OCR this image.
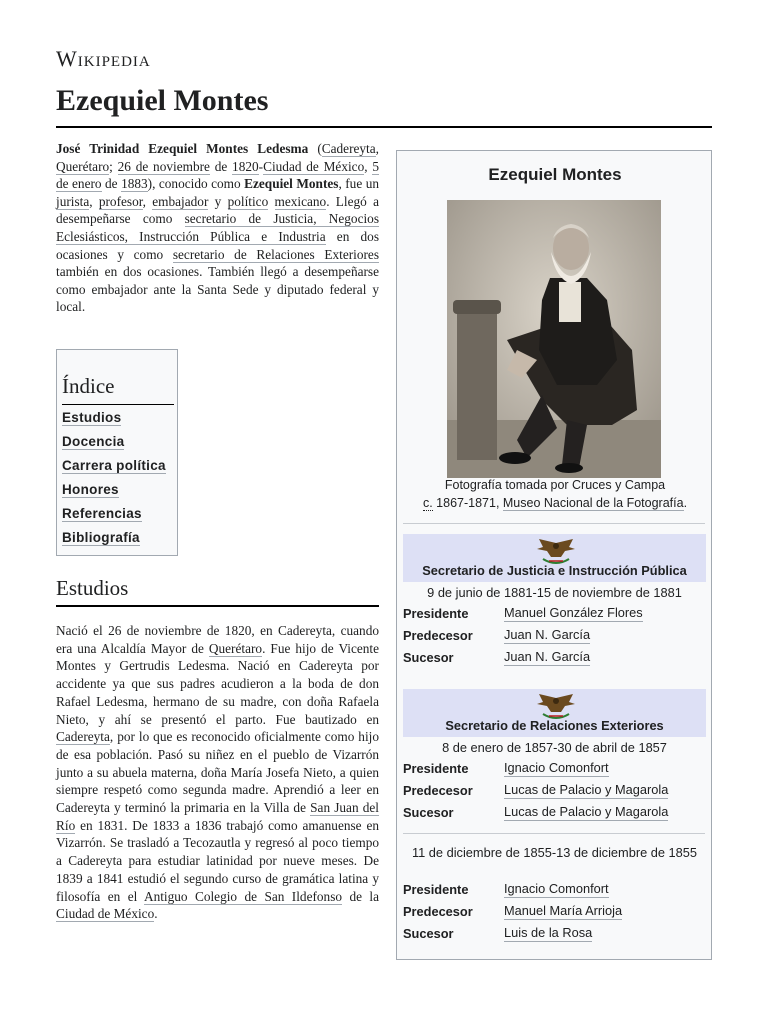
Wikipedia
Ezequiel Montes

José Trinidad Ezequiel Montes Ledesma (Cadereyta, Querétaro; 26 de noviembre de 1820-Ciudad de México, 5 de enero de 1883), conocido como Ezequiel Montes, fue un jurista, profesor, embajador y político mexicano. Llegó a desempeñarse como secretario de Justicia, Negocios Eclesiásticos, Instrucción Pública e Industria en dos ocasiones y como secretario de Relaciones Exteriores también en dos ocasiones. También llegó a desempeñarse como embajador ante la Santa Sede y diputado federal y local.

Índice
Estudios
Docencia
Carrera política
Honores
Referencias
Bibliografía
Estudios

Nació el 26 de noviembre de 1820, en Cadereyta, cuando era una Alcaldía Mayor de Querétaro. Fue hijo de Vicente Montes y Gertrudis Ledesma. Nació en Cadereyta por accidente ya que sus padres acudieron a la boda de don Rafael Ledesma, hermano de su madre, con doña Rafaela Nieto, y ahí se presentó el parto. Fue bautizado en Cadereyta, por lo que es reconocido oficialmente como hijo de esa población. Pasó su niñez en el pueblo de Vizarrón junto a su abuela materna, doña María Josefa Nieto, a quien siempre respetó como segunda madre. Aprendió a leer en Cadereyta y terminó la primaria en la Villa de San Juan del Río en 1831. De 1833 a 1836 trabajó como amanuense en Vizarrón. Se trasladó a Tecozautla y regresó al poco tiempo a Cadereyta para estudiar latinidad por nueve meses. De 1839 a 1841 estudió el segundo curso de gramática latina y filosofía en el Antiguo Colegio de San Ildefonso de la Ciudad de México.

Ezequiel Montes
Fotografía tomada por Cruces y Campa
c. 1867-1871, Museo Nacional de la Fotografía.
Secretario de Justicia e Instrucción Pública
9 de junio de 1881-15 de noviembre de 1881
Presidente	Manuel González Flores
Predecesor Juan N. García
Sucesor	Juan N. García
Secretario de Relaciones Exteriores
8 de enero de 1857-30 de abril de 1857
Presidente	Ignacio Comonfort
Predecesor Lucas de Palacio y Magarola
Sucesor	Lucas de Palacio y Magarola
11 de diciembre de 1855-13 de diciembre de 1855
Presidente	Ignacio Comonfort
Predecesor Manuel María Arrioja
Sucesor	Luis de la Rosa
